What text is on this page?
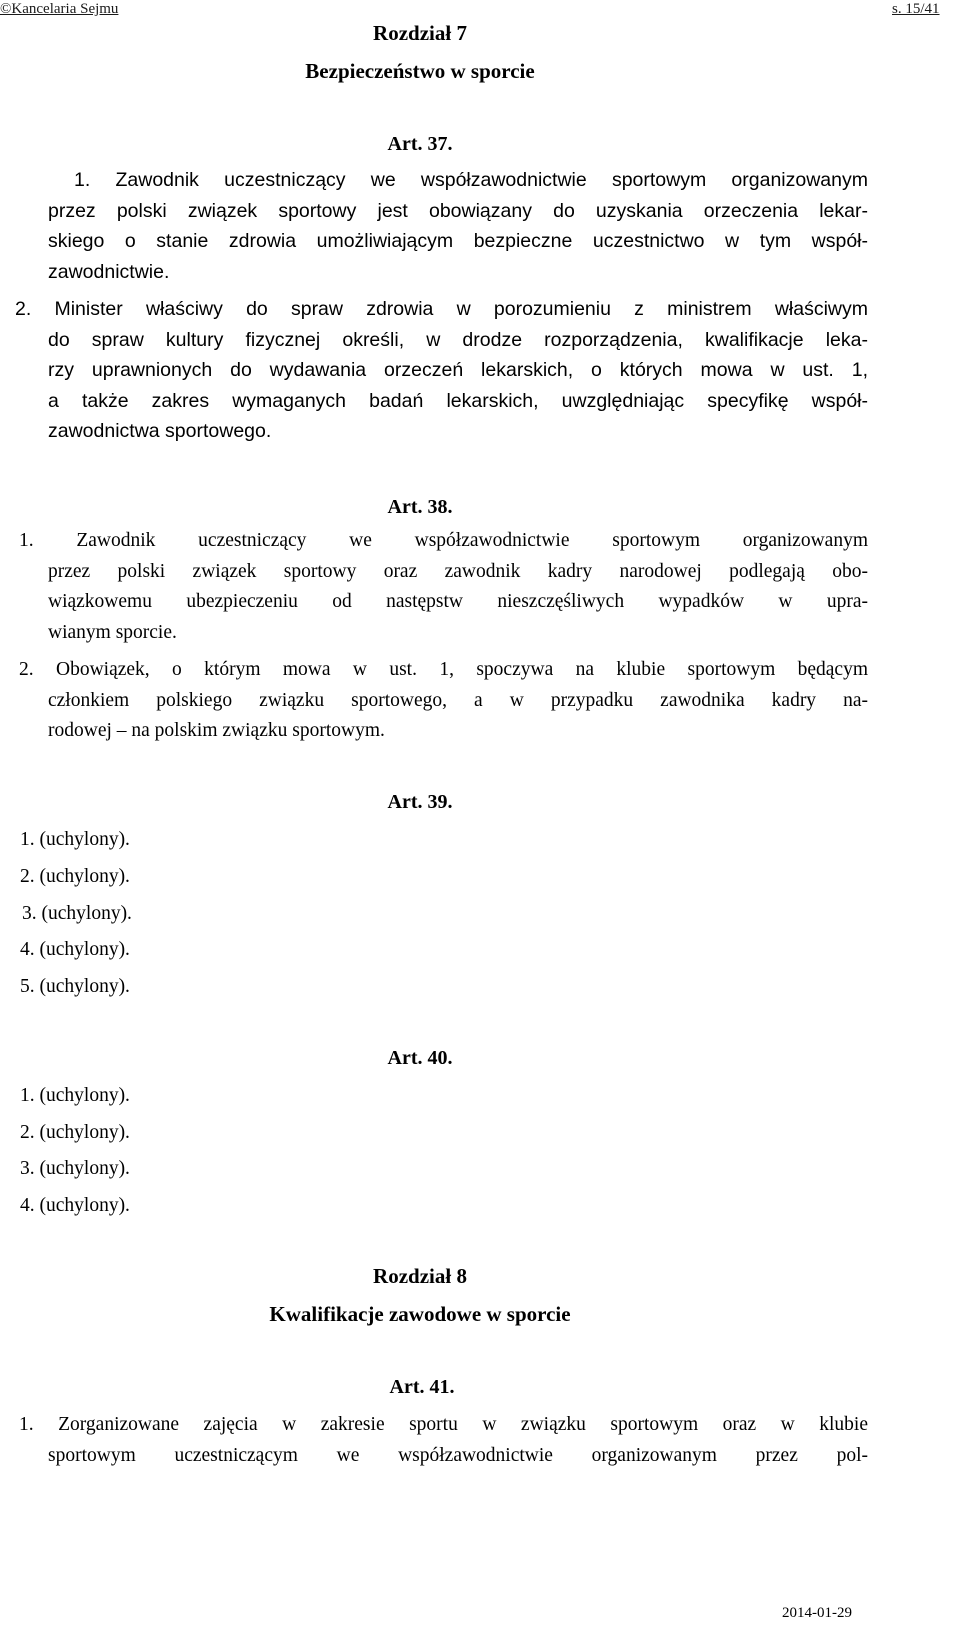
©Kancelaria Sejmu	s. 15/41
Rozdział 7
Bezpieczeństwo w sporcie
Art. 37.
1. Zawodnik uczestniczący we współzawodnictwie sportowym organizowanym
przez polski związek sportowy jest obowiązany do uzyskania orzeczenia lekar-
skiego o stanie zdrowia umożliwiającym bezpieczne uczestnictwo w tym współ-
zawodnictwie.
2. Minister właściwy do spraw zdrowia w porozumieniu z ministrem właściwym
do spraw kultury fizycznej określi, w drodze rozporządzenia, kwalifikacje leka-
rzy uprawnionych do wydawania orzeczeń lekarskich, o których mowa w ust. 1,
a także zakres wymaganych badań lekarskich, uwzględniając specyfikę współ-
zawodnictwa sportowego.
Art. 38.
1. Zawodnik uczestniczący we współzawodnictwie sportowym organizowanym
przez polski związek sportowy oraz zawodnik kadry narodowej podlegają obo-
wiązkowemu ubezpieczeniu od następstw nieszczęśliwych wypadków w upra-
wianym sporcie.
2. Obowiązek, o którym mowa w ust. 1, spoczywa na klubie sportowym będącym
członkiem polskiego związku sportowego, a w przypadku zawodnika kadry na-
rodowej – na polskim związku sportowym.
Art. 39.
1. (uchylony).
2. (uchylony).
3. (uchylony).
4. (uchylony).
5. (uchylony).
Art. 40.
1. (uchylony).
2. (uchylony).
3. (uchylony).
4. (uchylony).
Rozdział 8
Kwalifikacje zawodowe w sporcie
Art. 41.
1. Zorganizowane zajęcia w zakresie sportu w związku sportowym oraz w klubie
sportowym uczestniczącym we współzawodnictwie organizowanym przez pol-
2014-01-29
